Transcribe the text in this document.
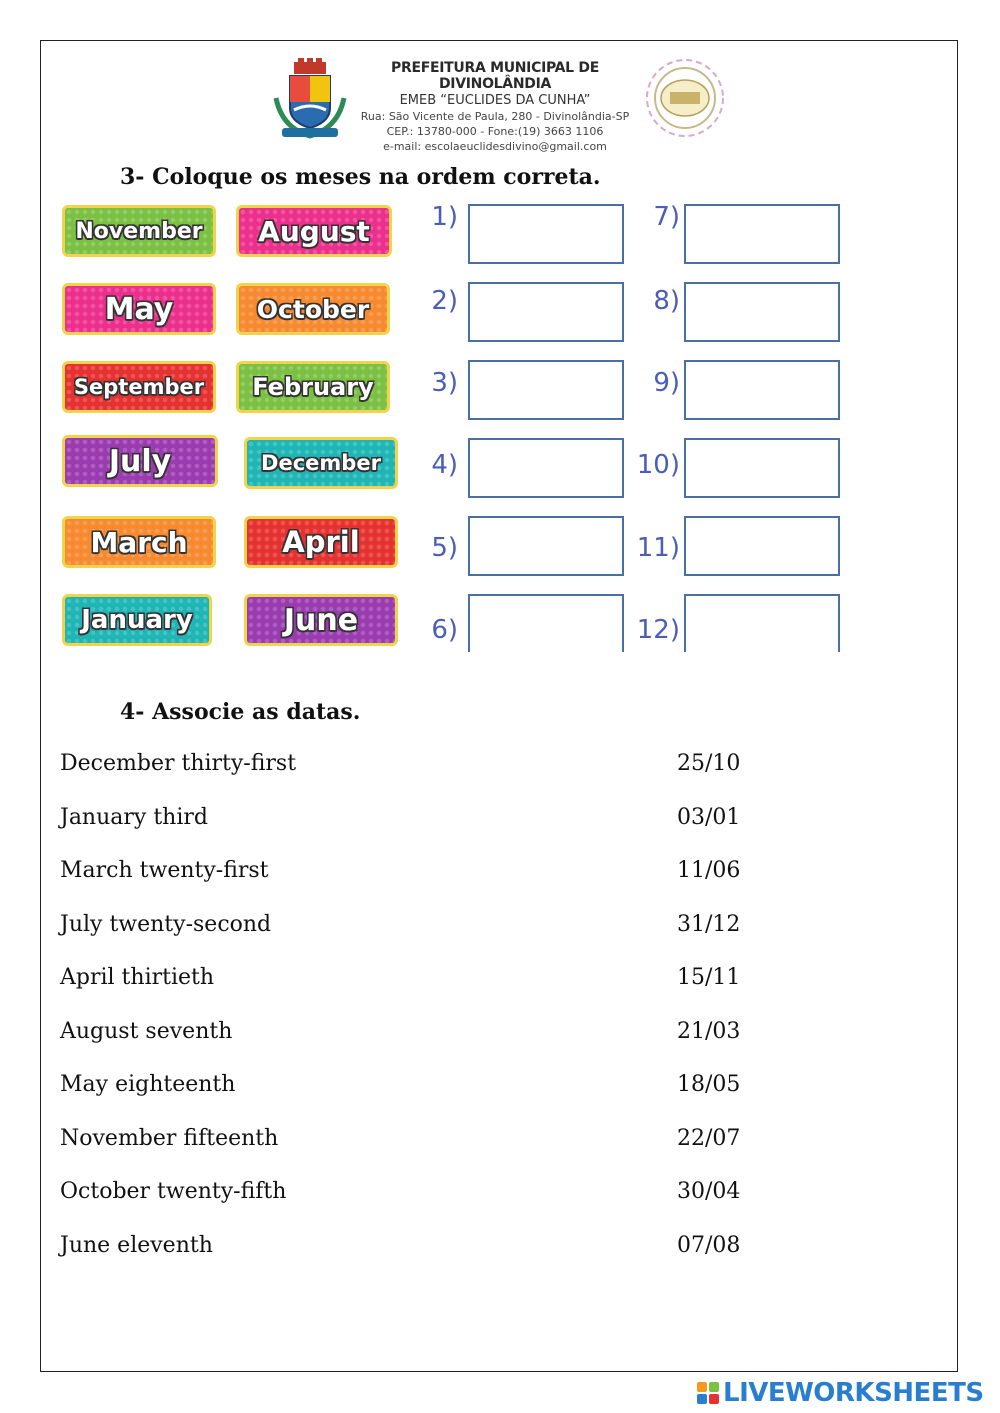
PREFEITURA MUNICIPAL DE DIVINOLÂNDIA
EMEB “EUCLIDES DA CUNHA”
Rua: São Vicente de Paula, 280 - Divinolândia-SP
CEP.: 13780-000 - Fone:(19) 3663 1106
e-mail: escolaeuclidesdivino@gmail.com
3- Coloque os meses na ordem correta.
November	August
May	October
September	February
July	December
March	April
January	June
1)
2)
3)
4)
5)
6)
7)
8)
9)
10)
11)
12)
4- Associe as datas.
December thirty-first	25/10
January third	03/01
March twenty-first	11/06
July twenty-second	31/12
April thirtieth	15/11
August seventh	21/03
May eighteenth	18/05
November fifteenth	22/07
October twenty-fifth	30/04
June eleventh	07/08
LIVEWORKSHEETS
